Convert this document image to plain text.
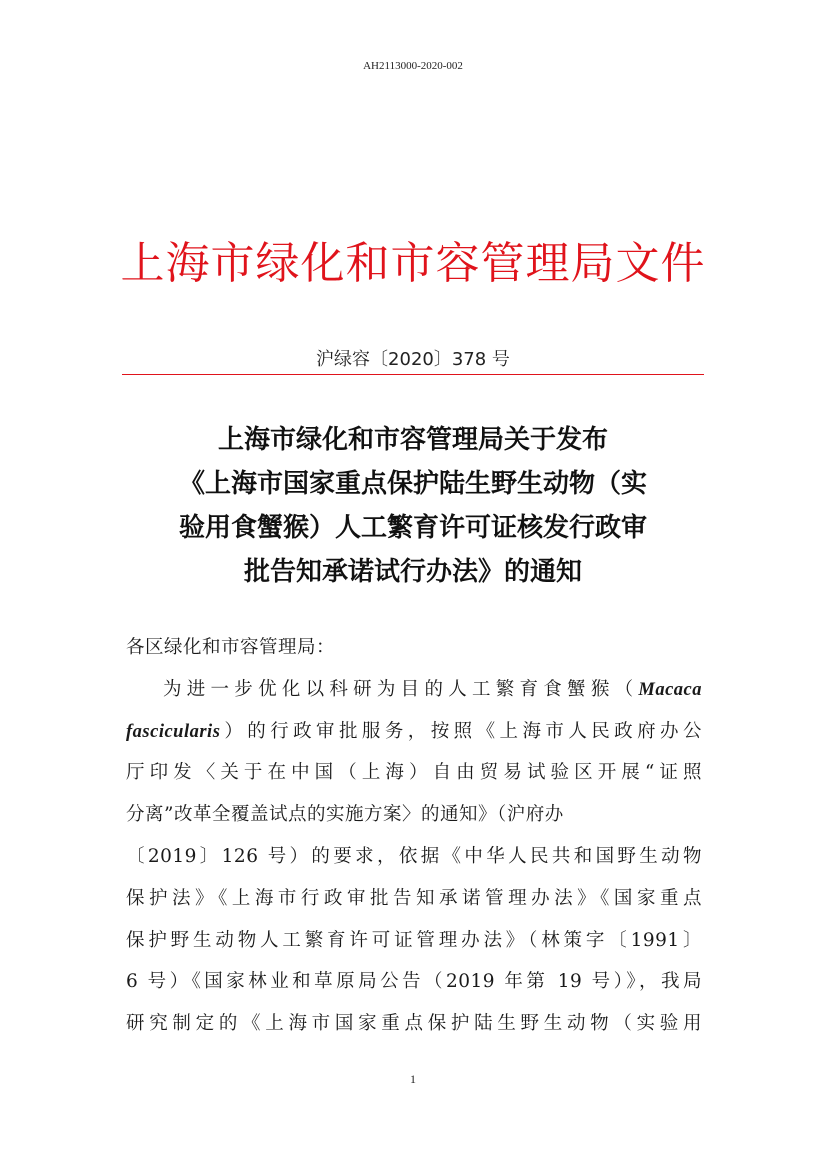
AH2113000-2020-002
上海市绿化和市容管理局文件
沪绿容〔2020〕378 号
上海市绿化和市容管理局关于发布
《上海市国家重点保护陆生野生动物（实
验用食蟹猴）人工繁育许可证核发行政审
批告知承诺试行办法》的通知
各区绿化和市容管理局：
为进一步优化以科研为目的人工繁育食蟹猴（Macaca
fascicularis）的行政审批服务，按照《上海市人民政府办公
厅印发〈关于在中国（上海）自由贸易试验区开展“证照
分离”改革全覆盖试点的实施方案〉的通知》（沪府办
〔2019〕126 号）的要求，依据《中华人民共和国野生动物
保护法》《上海市行政审批告知承诺管理办法》《国家重点
保护野生动物人工繁育许可证管理办法》（林策字〔1991〕
6 号）《国家林业和草原局公告（2019 年第 19 号）》，我局
研究制定的《上海市国家重点保护陆生野生动物（实验用
1
